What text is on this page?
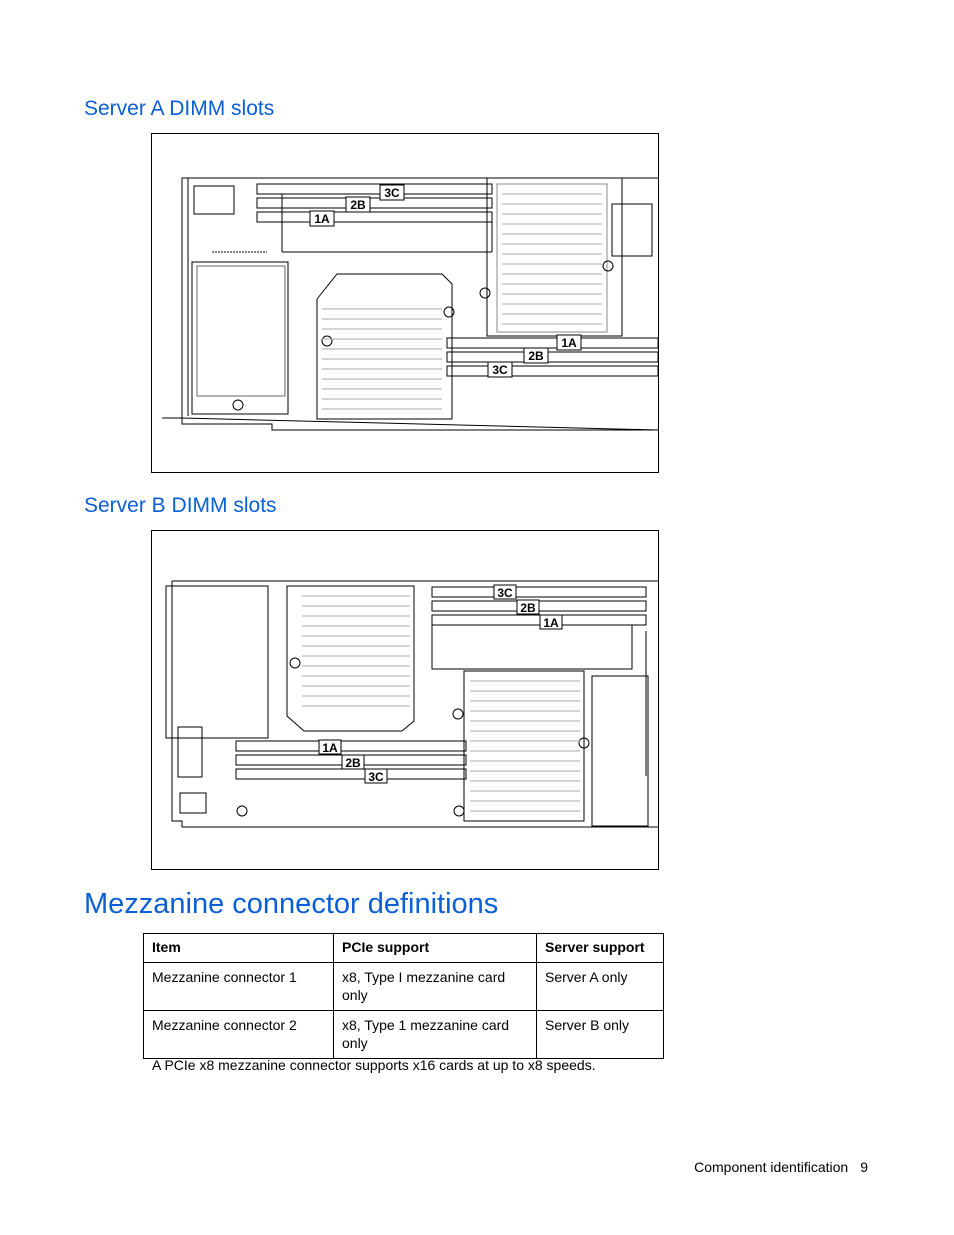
Server A DIMM slots
3C
2B
1A
1A
2B
3C
Server B DIMM slots
3C
2B
1A
1A
2B
3C
Mezzanine connector definitions
Item	PCIe support	Server support
Mezzanine connector 1	x8, Type I mezzanine card only	Server A only
Mezzanine connector 2	x8, Type 1 mezzanine card only	Server B only
A PCIe x8 mezzanine connector supports x16 cards at up to x8 speeds.
Component identification 9
